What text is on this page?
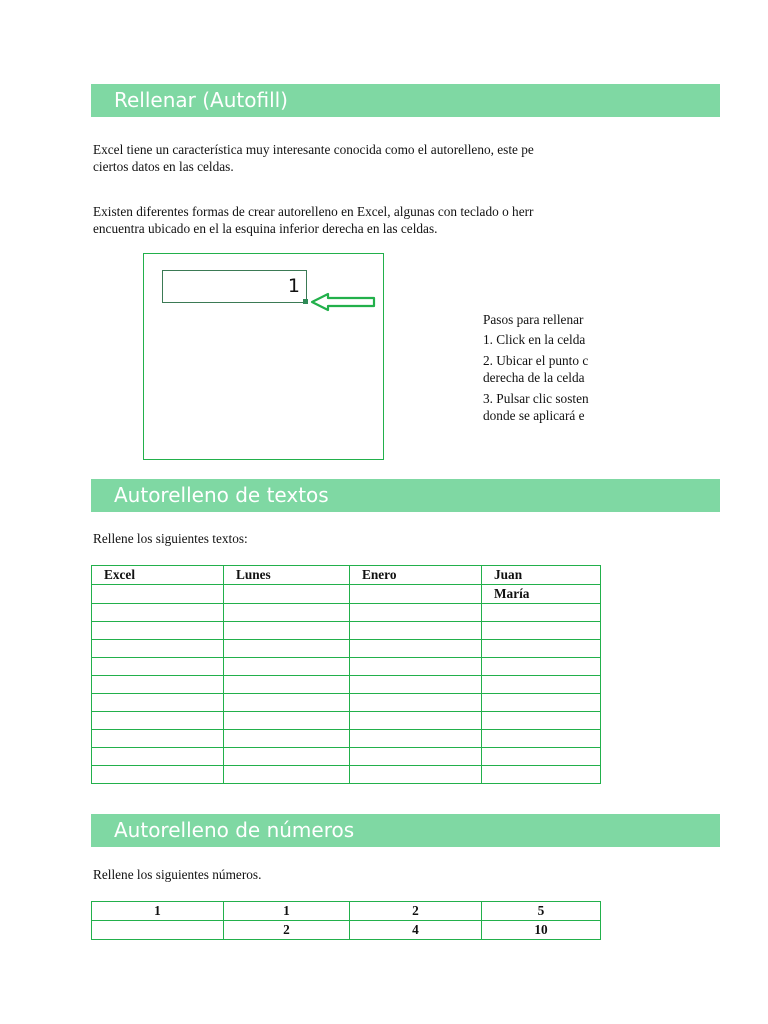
Rellenar (Autofill)
Excel tiene un característica muy interesante conocida como el autorelleno, este pe
ciertos datos en las celdas.
Existen diferentes formas de crear autorelleno en Excel, algunas con teclado o herr
encuentra ubicado en el la esquina inferior derecha en las celdas.
1
Pasos para rellenar
1. Click en la celda
2. Ubicar el punto c
derecha de la celda
3. Pulsar clic sosten
donde se aplicará e
Autorelleno de textos
Rellene los siguientes textos:
Excel	Lunes	Enero	Juan
			María

Autorelleno de números
Rellene los siguientes números.
1	1	2	5
	2	4	10
